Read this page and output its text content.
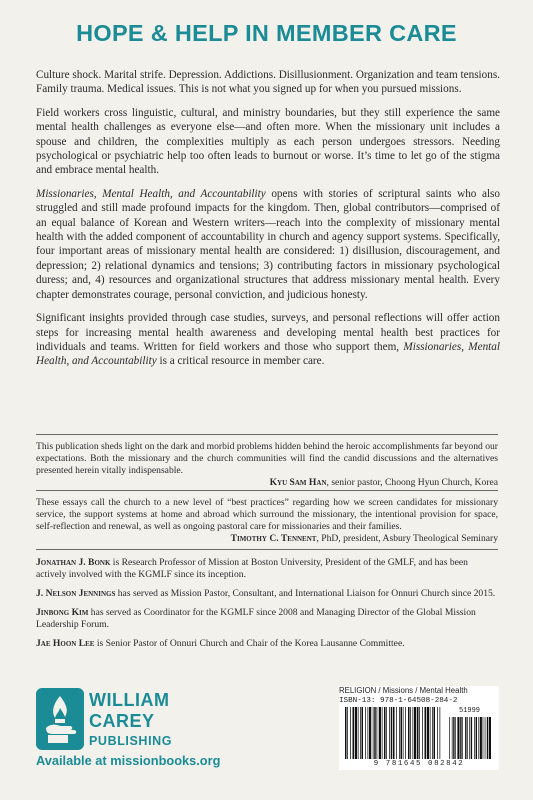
HOPE & HELP IN MEMBER CARE

Culture shock. Marital strife. Depression. Addictions. Disillusionment. Organization and team tensions. Family trauma. Medical issues. This is not what you signed up for when you pursued missions.

Field workers cross linguistic, cultural, and ministry boundaries, but they still experience the same mental health challenges as everyone else—and often more. When the missionary unit includes a spouse and children, the complexities multiply as each person undergoes stressors. Needing psychological or psychiatric help too often leads to burnout or worse. It’s time to let go of the stigma and embrace mental health.

Missionaries, Mental Health, and Accountability opens with stories of scriptural saints who also struggled and still made profound impacts for the kingdom. Then, global contributors—comprised of an equal balance of Korean and Western writers—reach into the complexity of missionary mental health with the added component of accountability in church and agency support systems. Specifically, four important areas of missionary mental health are considered: 1) disillusion, discouragement, and depression; 2) relational dynamics and tensions; 3) contributing factors in missionary psychological duress; and, 4) resources and organizational structures that address missionary mental health. Every chapter demonstrates courage, personal conviction, and judicious honesty.

Significant insights provided through case studies, surveys, and personal reflections will offer action steps for increasing mental health awareness and developing mental health best practices for individuals and teams. Written for field workers and those who support them, Missionaries, Mental Health, and Accountability is a critical resource in member care.

This publication sheds light on the dark and morbid problems hidden behind the heroic accomplishments far beyond our expectations. Both the missionary and the church communities will find the candid discussions and the alternatives presented herein vitally indispensable.

Kyu Sam Han, senior pastor, Choong Hyun Church, Korea

These essays call the church to a new level of “best practices” regarding how we screen candidates for missionary service, the support systems at home and abroad which surround the missionary, the intentional provision for space, self-reflection and renewal, as well as ongoing pastoral care for missionaries and their families.

Timothy C. Tennent, PhD, president, Asbury Theological Seminary

Jonathan J. Bonk is Research Professor of Mission at Boston University, President of the GMLF, and has been actively involved with the KGMLF since its inception.

J. Nelson Jennings has served as Mission Pastor, Consultant, and International Liaison for Onnuri Church since 2015.

Jinbong Kim has served as Coordinator for the KGMLF since 2008 and Managing Director of the Global Mission Leadership Forum.

Jae Hoon Lee is Senior Pastor of Onnuri Church and Chair of the Korea Lausanne Committee.

WILLIAM
CAREY
PUBLISHING
Available at missionbooks.org
RELIGION / Missions / Mental Health
ISBN-13: 978-1-64508-284-2
51999
9 781645 082842
